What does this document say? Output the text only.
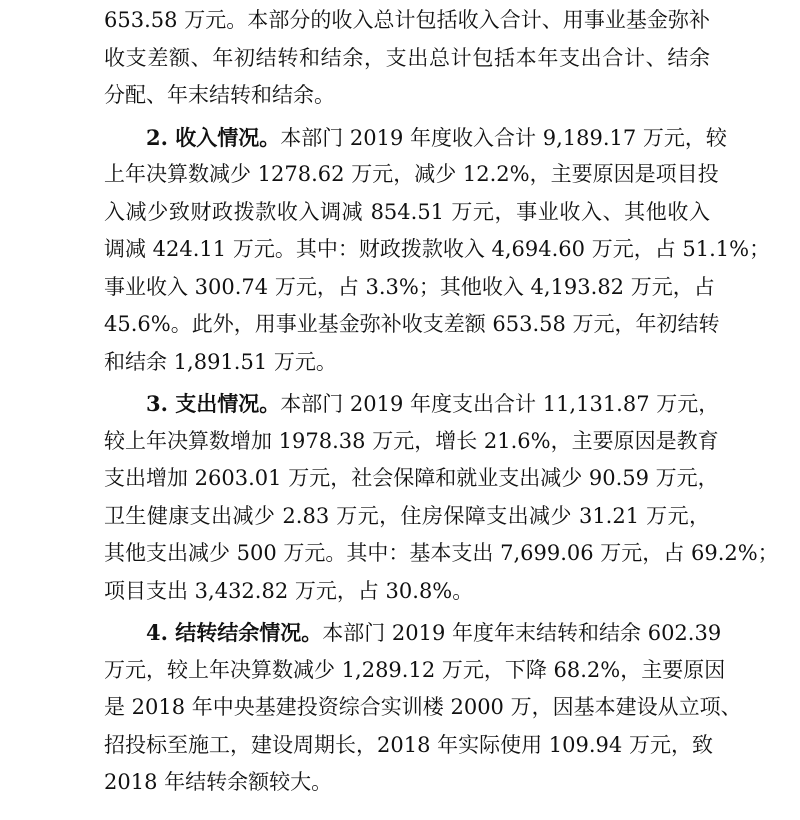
653.58 万元。本部分的收入总计包括收入合计、用事业基金弥补
收支差额、年初结转和结余，支出总计包括本年支出合计、结余
分配、年末结转和结余。
2. 收入情况。本部门 2019 年度收入合计 9,189.17 万元，较
上年决算数减少 1278.62 万元，减少 12.2%，主要原因是项目投
入减少致财政拨款收入调减 854.51 万元，事业收入、其他收入
调减 424.11 万元。其中：财政拨款收入 4,694.60 万元，占 51.1%；
事业收入 300.74 万元，占 3.3%；其他收入 4,193.82 万元，占
45.6%。此外，用事业基金弥补收支差额 653.58 万元，年初结转
和结余 1,891.51 万元。
3. 支出情况。本部门 2019 年度支出合计 11,131.87 万元，
较上年决算数增加 1978.38 万元，增长 21.6%，主要原因是教育
支出增加 2603.01 万元，社会保障和就业支出减少 90.59 万元，
卫生健康支出减少 2.83 万元，住房保障支出减少 31.21 万元，
其他支出减少 500 万元。其中：基本支出 7,699.06 万元，占 69.2%；
项目支出 3,432.82 万元，占 30.8%。
4. 结转结余情况。本部门 2019 年度年末结转和结余 602.39
万元，较上年决算数减少 1,289.12 万元，下降 68.2%，主要原因
是 2018 年中央基建投资综合实训楼 2000 万，因基本建设从立项、
招投标至施工，建设周期长，2018 年实际使用 109.94 万元，致
2018 年结转余额较大。
